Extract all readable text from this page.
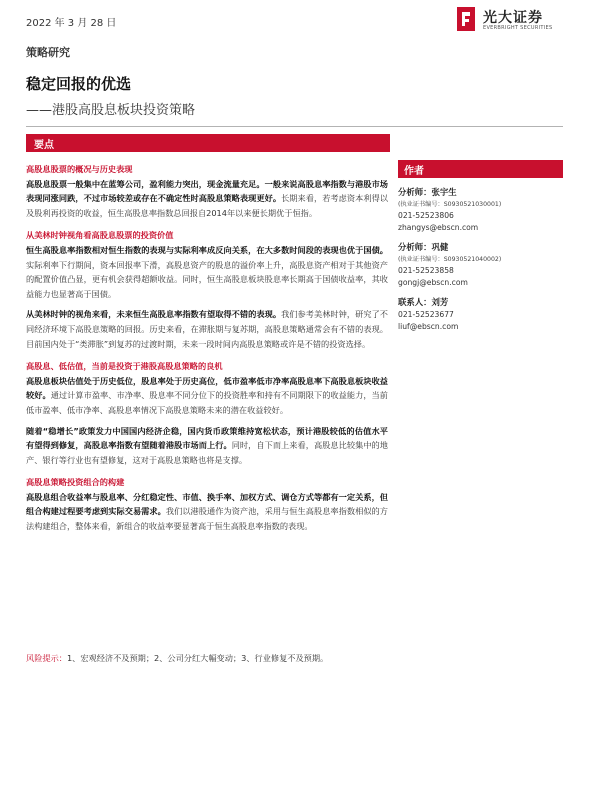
2022 年 3 月 28 日	光大证券
EVERBRIGHT SECURITIES
策略研究
稳定回报的优选
——港股高股息板块投资策略
要点
高股息股票的概况与历史表现

高股息股票一般集中在蓝筹公司，盈利能力突出，现金流量充足。一般来说高股息率指数与港股市场表现同涨同跌，不过市场较差或存在不确定性时高股息策略表现更好。长期来看，若考虑资本利得以及股利再投资的收益，恒生高股息率指数总回报自2014年以来便长期优于恒指。

从美林时钟视角看高股息股票的投资价值

恒生高股息率指数相对恒生指数的表现与实际利率成反向关系，在大多数时间段的表现也优于国债。实际利率下行期间，资本回报率下滑，高股息资产的股息的溢价率上升，高股息资产相对于其他资产的配置价值凸显，更有机会获得超额收益。同时，恒生高股息板块股息率长期高于国债收益率，其收益能力也显著高于国债。

从美林时钟的视角来看，未来恒生高股息率指数有望取得不错的表现。我们参考美林时钟，研究了不同经济环境下高股息策略的回报。历史来看，在滞胀期与复苏期，高股息策略通常会有不错的表现。目前国内处于“类滞胀”到复苏的过渡时期，未来一段时间内高股息策略或许是不错的投资选择。

高股息、低估值，当前是投资于港股高股息策略的良机

高股息板块估值处于历史低位，股息率处于历史高位，低市盈率低市净率高股息率下高股息板块收益较好。通过计算市盈率、市净率、股息率不同分位下的投资胜率和持有不同期限下的收益能力，当前低市盈率、低市净率、高股息率情况下高股息策略未来的潜在收益较好。

随着“稳增长”政策发力中国国内经济企稳，国内货币政策维持宽松状态，预计港股较低的估值水平有望得到修复，高股息率指数有望随着港股市场而上行。同时，自下而上来看，高股息比较集中的地产、银行等行业也有望修复，这对于高股息策略也将是支撑。

高股息策略投资组合的构建

高股息组合收益率与股息率、分红稳定性、市值、换手率、加权方式、调仓方式等都有一定关系，但组合构建过程要考虑到实际交易需求。我们以港股通作为资产池，采用与恒生高股息率指数相似的方法构建组合，整体来看，新组合的收益率要显著高于恒生高股息率指数的表现。

风险提示：1、宏观经济不及预期；2、公司分红大幅变动；3、行业修复不及预期。
作者
分析师：张宇生
(执业证书编号：S0930521030001)
021-52523806
zhangys@ebscn.com
分析师：巩健
(执业证书编号：S0930521040002)
021-52523858
gongj@ebscn.com
联系人：刘芳
021-52523677
liuf@ebscn.com
